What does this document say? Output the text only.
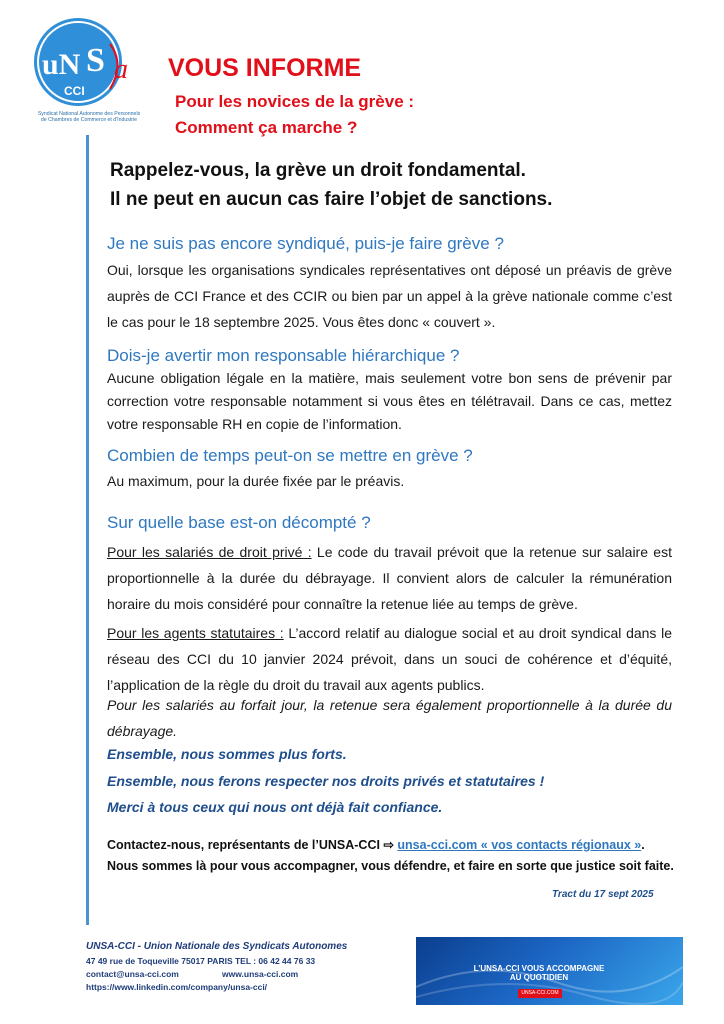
uN S a
CCI
Syndicat National Autonome des Personnels
de Chambres de Commerce et d'Industrie
VOUS INFORME
Pour les novices de la grève :
Comment ça marche ?
Rappelez-vous, la grève un droit fondamental.
Il ne peut en aucun cas faire l’objet de sanctions.
Je ne suis pas encore syndiqué, puis-je faire grève ?
Oui, lorsque les organisations syndicales représentatives ont déposé un préavis de grève auprès de CCI France et des CCIR ou bien par un appel à la grève nationale comme c’est le cas pour le 18 septembre 2025. Vous êtes donc « couvert ».
Dois-je avertir mon responsable hiérarchique ?
Aucune obligation légale en la matière, mais seulement votre bon sens de prévenir par correction votre responsable notamment si vous êtes en télétravail. Dans ce cas, mettez votre responsable RH en copie de l’information.
Combien de temps peut-on se mettre en grève ?
Au maximum, pour la durée fixée par le préavis.
Sur quelle base est-on décompté ?
Pour les salariés de droit privé : Le code du travail prévoit que la retenue sur salaire est proportionnelle à la durée du débrayage. Il convient alors de calculer la rémunération horaire du mois considéré pour connaître la retenue liée au temps de grève.
Pour les agents statutaires : L’accord relatif au dialogue social et au droit syndical dans le réseau des CCI du 10 janvier 2024 prévoit, dans un souci de cohérence et d’équité, l’application de la règle du droit du travail aux agents publics.
Pour les salariés au forfait jour, la retenue sera également proportionnelle à la durée du débrayage.
Ensemble, nous sommes plus forts.
Ensemble, nous ferons respecter nos droits privés et statutaires !
Merci à tous ceux qui nous ont déjà fait confiance.
Contactez-nous, représentants de l’UNSA-CCI ⇨ unsa-cci.com « vos contacts régionaux ».
Nous sommes là pour vous accompagner, vous défendre, et faire en sorte que justice soit faite.
Tract du 17 sept 2025
UNSA-CCI - Union Nationale des Syndicats Autonomes
47 49 rue de Toqueville 75017 PARIS TEL : 06 42 44 76 33
contact@unsa-cci.com	www.unsa-cci.com
https://www.linkedin.com/company/unsa-cci/
L’UNSA-CCI VOUS ACCOMPAGNE
AU QUOTIDIEN
UNSA-CCI.COM
